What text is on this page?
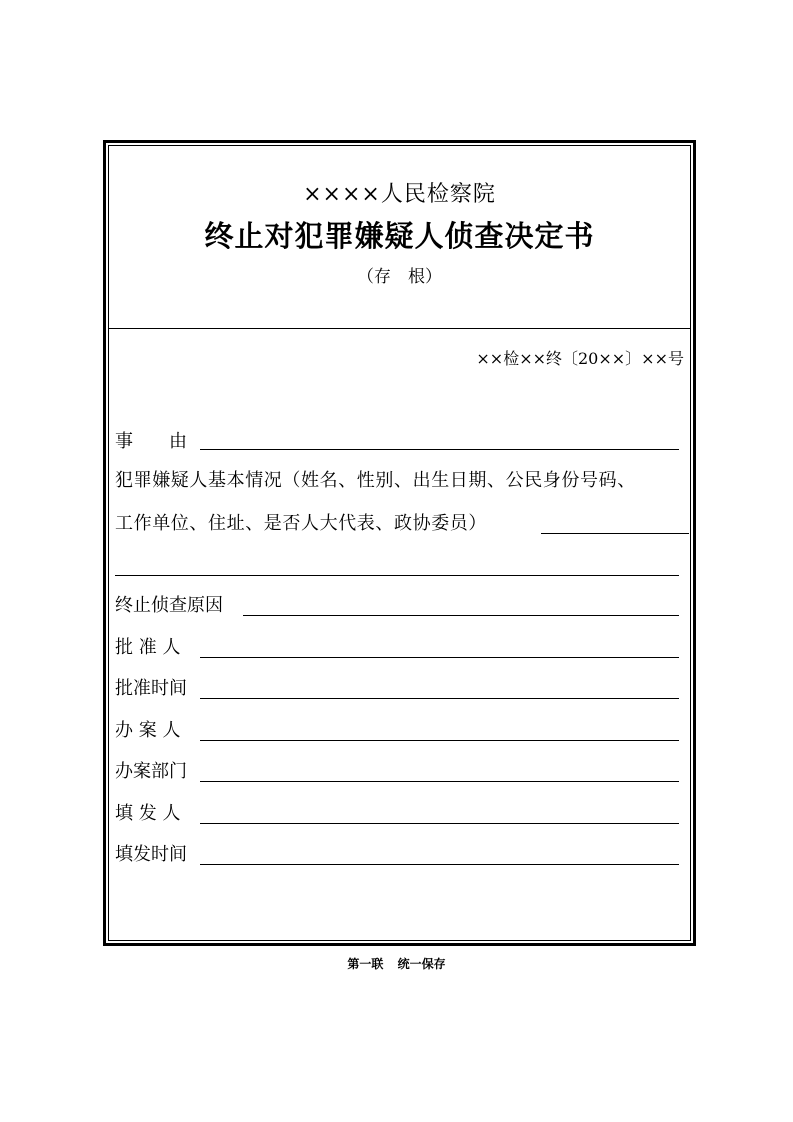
××××人民检察院
终止对犯罪嫌疑人侦查决定书
（存　根）
××检××终〔20××〕××号
事　　由
犯罪嫌疑人基本情况（姓名、性别、出生日期、公民身份号码、
工作单位、住址、是否人大代表、政协委员）
终止侦查原因
批 准 人
批准时间
办 案 人
办案部门
填 发 人
填发时间
第一联 统一保存
